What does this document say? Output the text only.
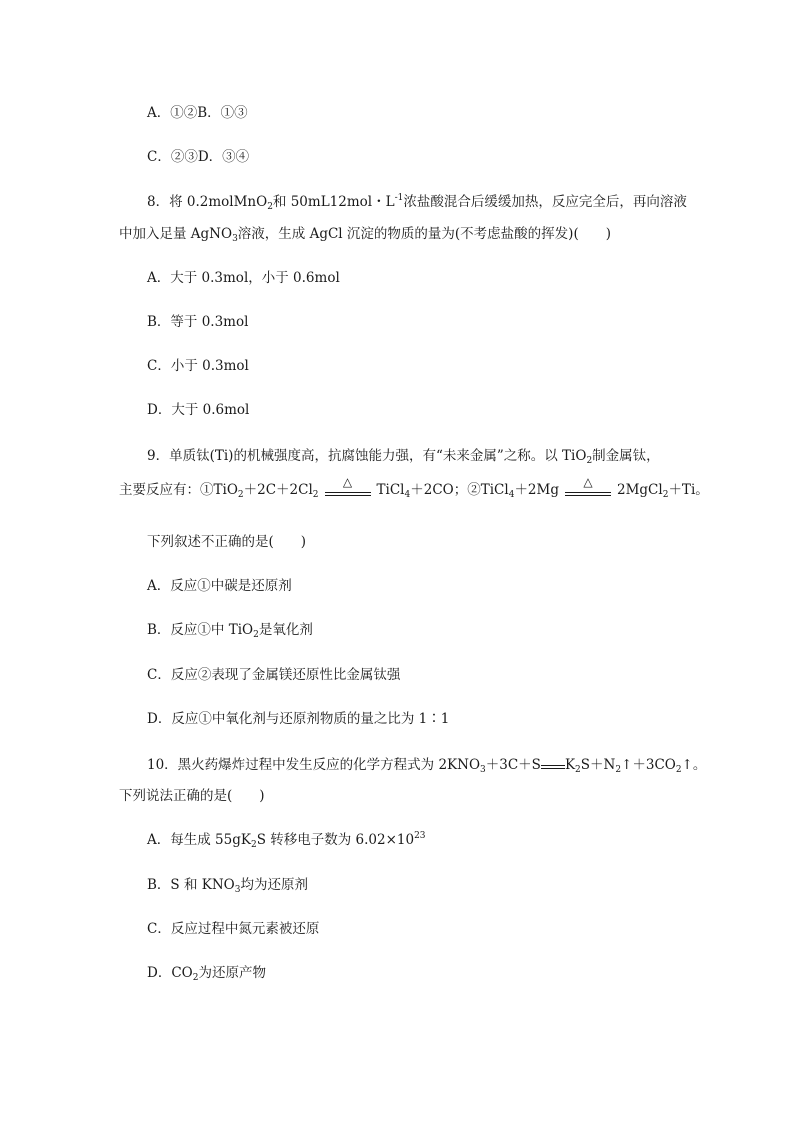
A．①②B．①③
C．②③D．③④
8．将 0.2molMnO$_2$和 50mL12mol・$L^{-1}$浓盐酸混合后缓缓加热，反应完全后，再向溶液
中加入足量 AgNO$_3$溶液，生成 AgCl 沉淀的物质的量为(不考虑盐酸的挥发)(　　)
A．大于 0.3mol，小于 0.6mol
B．等于 0.3mol
C．小于 0.3mol
D．大于 0.6mol
9．单质钛(Ti)的机械强度高，抗腐蚀能力强，有“未来金属”之称。以 TiO$_2$制金属钛，
主要反应有：$①TiO_2+2C+2Cl_2$
△
TiCl$_4$＋2CO；②TiCl$_4$＋2Mg
△
2MgCl$_2$＋Ti。
下列叙述不正确的是(　　)
A．反应①中碳是还原剂
B．反应①中 TiO$_2$是氧化剂
C．反应②表现了金属镁还原性比金属钛强
D．反应①中氧化剂与还原剂物质的量之比为 1∶1
10．黑火药爆炸过程中发生反应的化学方程式为 $2KNO_3+3C+S$ $K_2S+N_2↑+3CO_2↑$。
下列说法正确的是(　　)
A．每生成 $55gK_2S$ 转移电子数为 $6.02\times 10^{23}$
B．S 和 $KNO_3$均为还原剂
C．反应过程中氮元素被还原
D．$CO_2$为还原产物
